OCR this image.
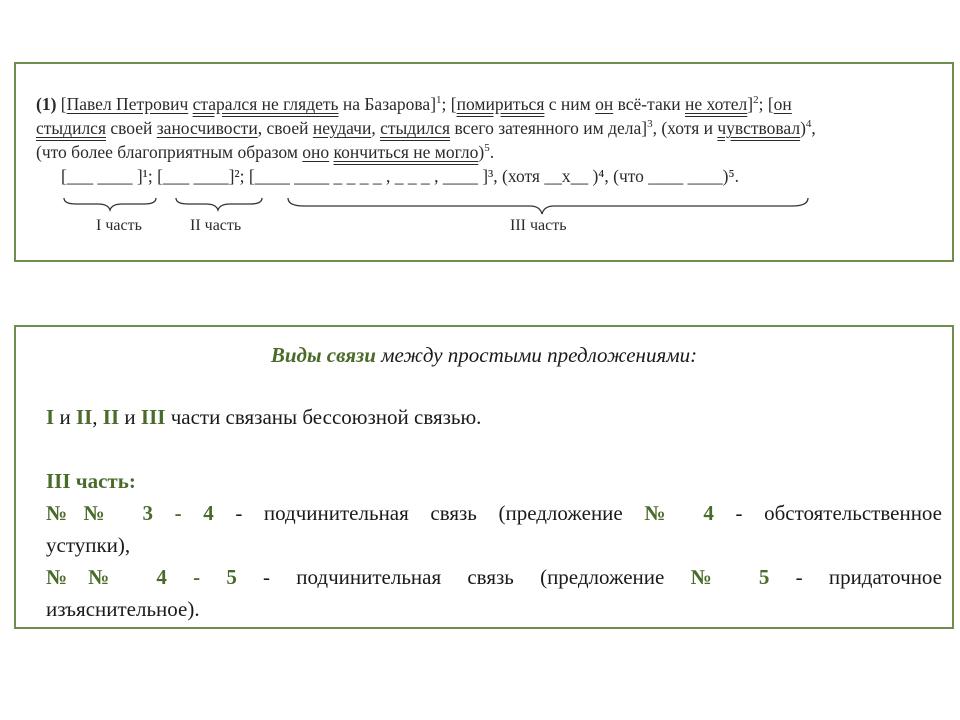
(1) [Павел Петрович старался не глядеть на Базарова]$^1$; [помириться с ним он всё-таки не хотел]$^2$; [он

стыдился своей заносчивости, своей неудачи, стыдился всего затеянного им дела]$^3$, (хотя и чувствовал)$^4$,

(что более благоприятным образом оно кончиться не могло)$^5$.

[___ ____ ]¹; [___ ____]²; [____ ____ _ _ _ _ , _ _ _ , ____ ]³, (хотя __х__ )⁴, (что ____ ____)⁵.

I часть	II часть	III часть
Виды связи между простыми предложениями:
I и II, II и III части связаны бессоюзной связью.
III часть:
№№ 3 - 4 - подчинительная связь (предложение № 4 - обстоятельственное
уступки),
№№ 4 - 5 - подчинительная связь (предложение № 5 - придаточное
изъяснительное).
